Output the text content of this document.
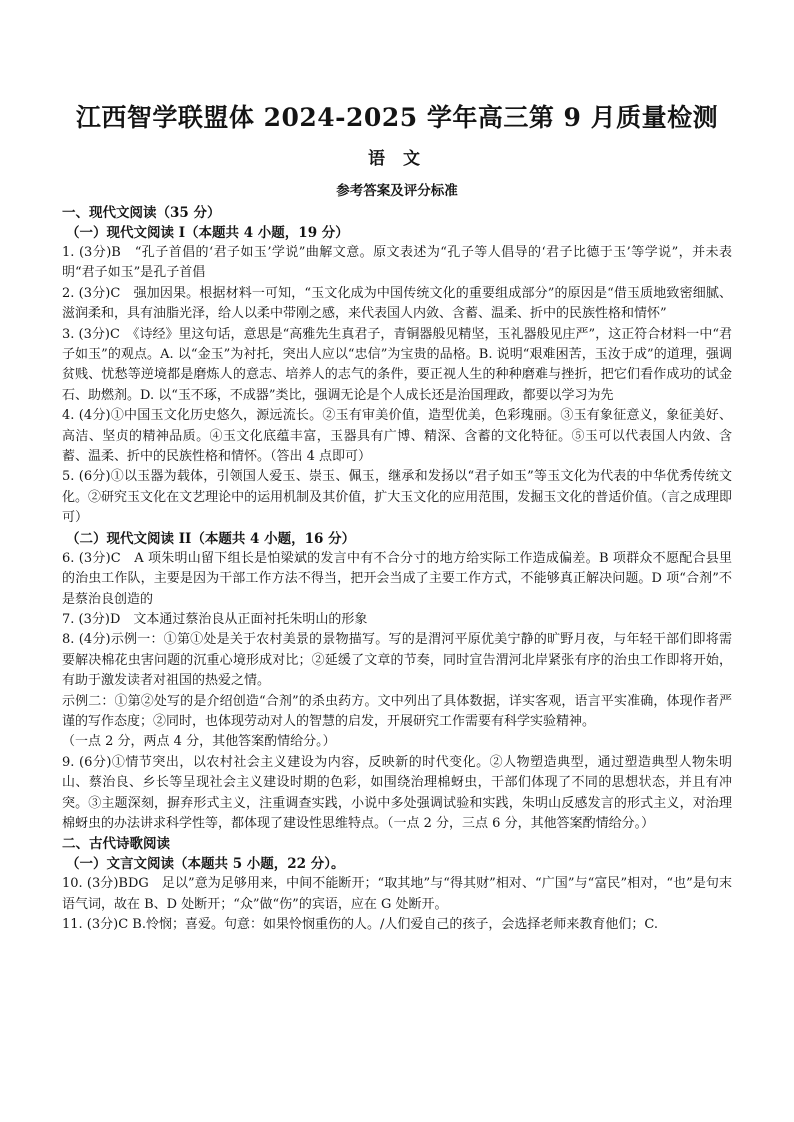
江西智学联盟体 2024-2025 学年高三第 9 月质量检测
语 文
参考答案及评分标准
一、现代文阅读（35 分）
（一）现代文阅读 I（本题共 4 小题，19 分）

1. (3分)B　“孔子首倡的‘君子如玉’学说”曲解文意。原文表述为“孔子等人倡导的‘君子比德于玉’等学说”，并未表明“君子如玉”是孔子首倡

2. (3分)C　强加因果。根据材料一可知，“玉文化成为中国传统文化的重要组成部分”的原因是“借玉质地致密细腻、滋润柔和，具有油脂光泽，给人以柔中带刚之感，来代表国人内敛、含蓄、温柔、折中的民族性格和情怀”

3. (3分)C　《诗经》里这句话，意思是“高雅先生真君子，青铜器般见精坚，玉礼器般见庄严”，这正符合材料一中“君子如玉”的观点。A. 以“金玉”为衬托，突出人应以“忠信”为宝贵的品格。B. 说明“艰难困苦，玉汝于成”的道理，强调贫贱、忧愁等逆境都是磨炼人的意志、培养人的志气的条件，要正视人生的种种磨难与挫折，把它们看作成功的试金石、助燃剂。D. 以“玉不琢，不成器”类比，强调无论是个人成长还是治国理政，都要以学习为先

4. (4分)①中国玉文化历史悠久，源远流长。②玉有审美价值，造型优美，色彩瑰丽。③玉有象征意义，象征美好、高洁、坚贞的精神品质。④玉文化底蕴丰富，玉器具有广博、精深、含蓄的文化特征。⑤玉可以代表国人内敛、含蓄、温柔、折中的民族性格和情怀。（答出 4 点即可）

5. (6分)①以玉器为载体，引领国人爱玉、崇玉、佩玉，继承和发扬以“君子如玉”等玉文化为代表的中华优秀传统文化。②研究玉文化在文艺理论中的运用机制及其价值，扩大玉文化的应用范围，发掘玉文化的普适价值。（言之成理即可）

（二）现代文阅读 II（本题共 4 小题，16 分）

6. (3分)C　A 项朱明山留下组长是怕梁斌的发言中有不合分寸的地方给实际工作造成偏差。B 项群众不愿配合县里的治虫工作队，主要是因为干部工作方法不得当，把开会当成了主要工作方式，不能够真正解决问题。D 项“合剂”不是蔡治良创造的

7. (3分)D　文本通过蔡治良从正面衬托朱明山的形象

8. (4分)示例一：①第①处是关于农村美景的景物描写。写的是渭河平原优美宁静的旷野月夜，与年轻干部们即将需要解决棉花虫害问题的沉重心境形成对比；②延缓了文章的节奏，同时宣告渭河北岸紧张有序的治虫工作即将开始，有助于激发读者对祖国的热爱之情。

示例二：①第②处写的是介绍创造“合剂”的杀虫药方。文中列出了具体数据，详实客观，语言平实准确，体现作者严谨的写作态度；②同时，也体现劳动对人的智慧的启发，开展研究工作需要有科学实验精神。

（一点 2 分，两点 4 分，其他答案酌情给分。）

9. (6分)①情节突出，以农村社会主义建设为内容，反映新的时代变化。②人物塑造典型，通过塑造典型人物朱明山、蔡治良、乡长等呈现社会主义建设时期的色彩，如围绕治理棉蚜虫，干部们体现了不同的思想状态，并且有冲突。③主题深刻，摒弃形式主义，注重调查实践，小说中多处强调试验和实践，朱明山反感发言的形式主义，对治理棉蚜虫的办法讲求科学性等，都体现了建设性思维特点。（一点 2 分，三点 6 分，其他答案酌情给分。）

二、古代诗歌阅读
（一）文言文阅读（本题共 5 小题，22 分）。

10. (3分)BDG　足以”意为足够用来，中间不能断开；“取其地”与“得其财”相对、“广国”与“富民”相对，“也”是句末语气词，故在 B、D 处断开；“众”做“伤”的宾语，应在 G 处断开。

11. (3分)C B.怜悯；喜爱。句意：如果怜悯重伤的人。/人们爱自己的孩子，会选择老师来教育他们；C.
